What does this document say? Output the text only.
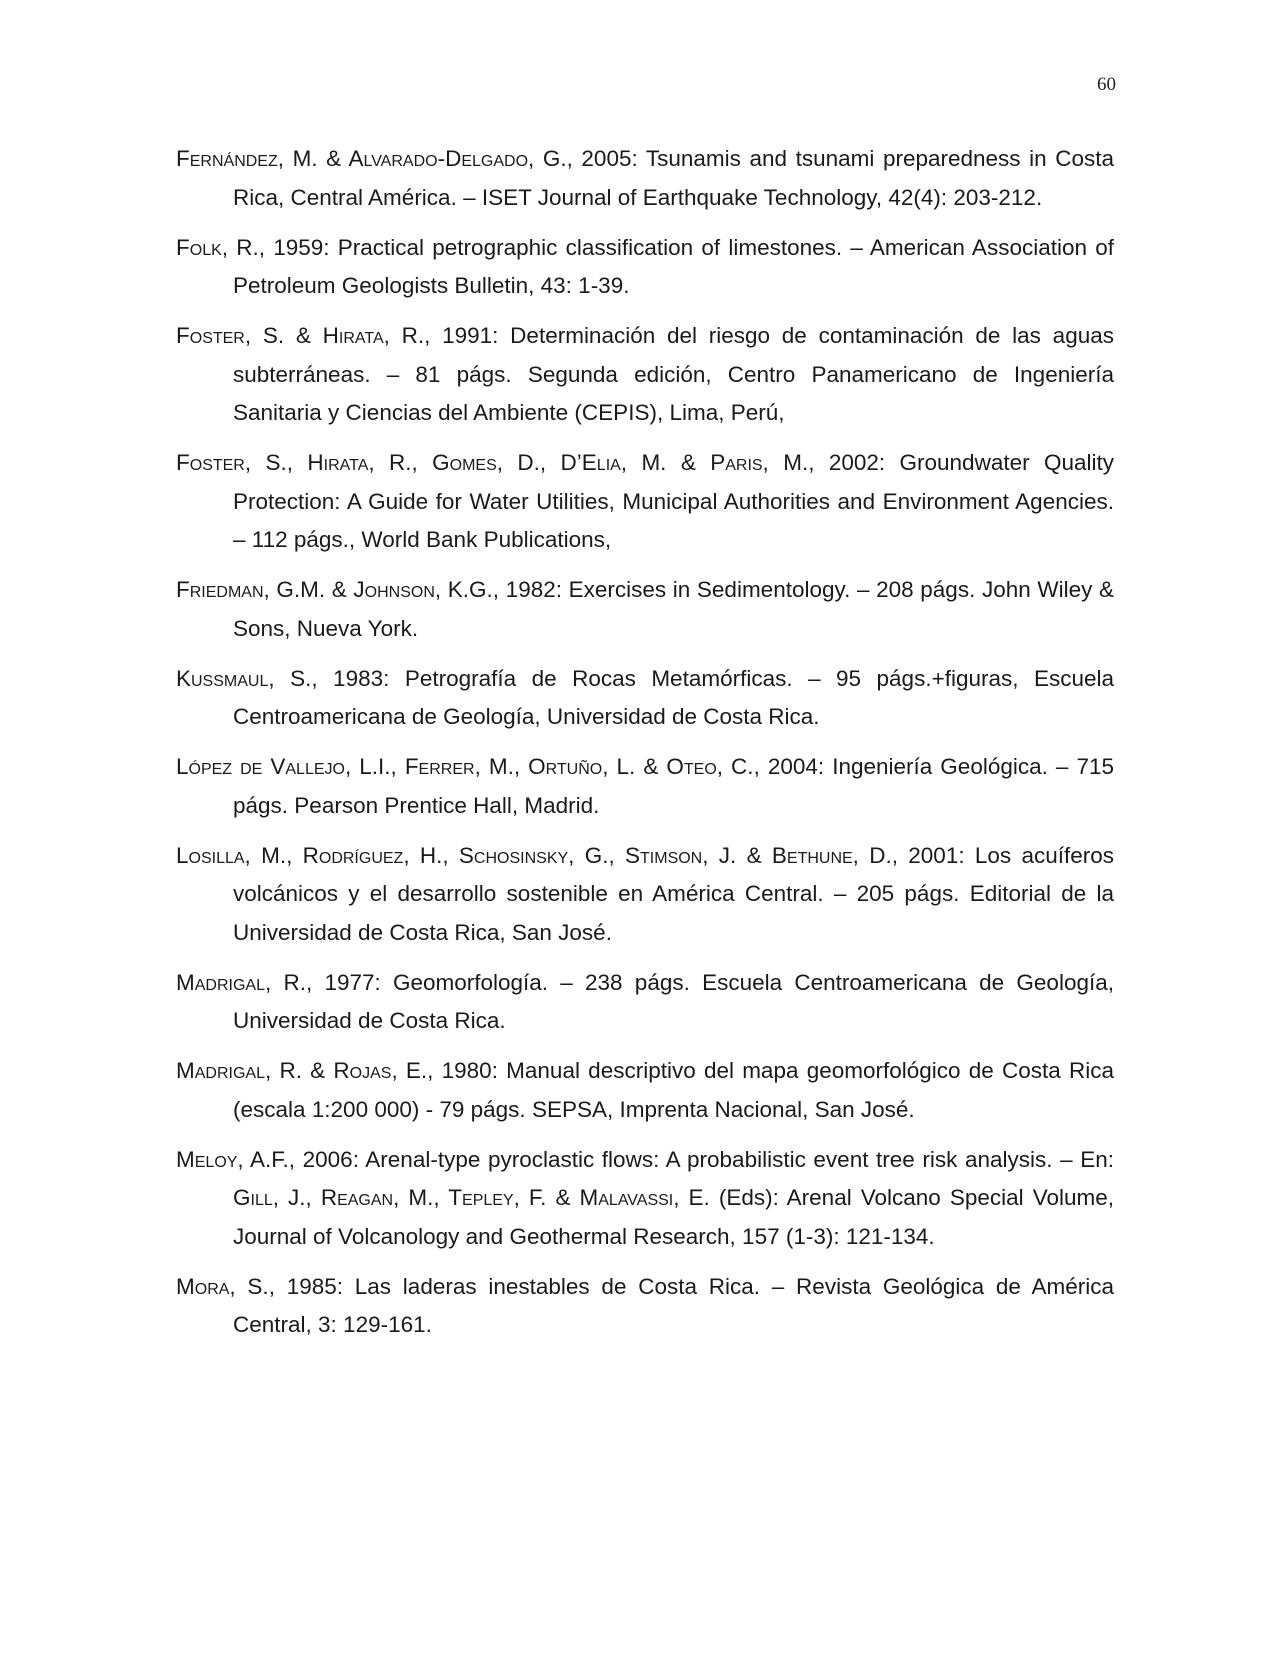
60

Fernández, M. & Alvarado-Delgado, G., 2005: Tsunamis and tsunami preparedness in Costa Rica, Central América. – ISET Journal of Earthquake Technology, 42(4): 203-212.

Folk, R., 1959: Practical petrographic classification of limestones. – American Association of Petroleum Geologists Bulletin, 43: 1-39.

Foster, S. & Hirata, R., 1991: Determinación del riesgo de contaminación de las aguas subterráneas. – 81 págs. Segunda edición, Centro Panamericano de Ingeniería Sanitaria y Ciencias del Ambiente (CEPIS), Lima, Perú,

Foster, S., Hirata, R., Gomes, D., D’Elia, M. & Paris, M., 2002: Groundwater Quality Protection: A Guide for Water Utilities, Municipal Authorities and Environment Agencies. – 112 págs., World Bank Publications,

Friedman, G.M. & Johnson, K.G., 1982: Exercises in Sedimentology. – 208 págs. John Wiley & Sons, Nueva York.

Kussmaul, S., 1983: Petrografía de Rocas Metamórficas. – 95 págs.+figuras, Escuela Centroamericana de Geología, Universidad de Costa Rica.

López de Vallejo, L.I., Ferrer, M., Ortuño, L. & Oteo, C., 2004: Ingeniería Geológica. – 715 págs. Pearson Prentice Hall, Madrid.

Losilla, M., Rodríguez, H., Schosinsky, G., Stimson, J. & Bethune, D., 2001: Los acuíferos volcánicos y el desarrollo sostenible en América Central. – 205 págs. Editorial de la Universidad de Costa Rica, San José.

Madrigal, R., 1977: Geomorfología. – 238 págs. Escuela Centroamericana de Geología, Universidad de Costa Rica.

Madrigal, R. & Rojas, E., 1980: Manual descriptivo del mapa geomorfológico de Costa Rica (escala 1:200 000) - 79 págs. SEPSA, Imprenta Nacional, San José.

Meloy, A.F., 2006: Arenal-type pyroclastic flows: A probabilistic event tree risk analysis. – En: Gill, J., Reagan, M., Tepley, F. & Malavassi, E. (Eds): Arenal Volcano Special Volume, Journal of Volcanology and Geothermal Research, 157 (1-3): 121-134.

Mora, S., 1985: Las laderas inestables de Costa Rica. – Revista Geológica de América Central, 3: 129-161.
